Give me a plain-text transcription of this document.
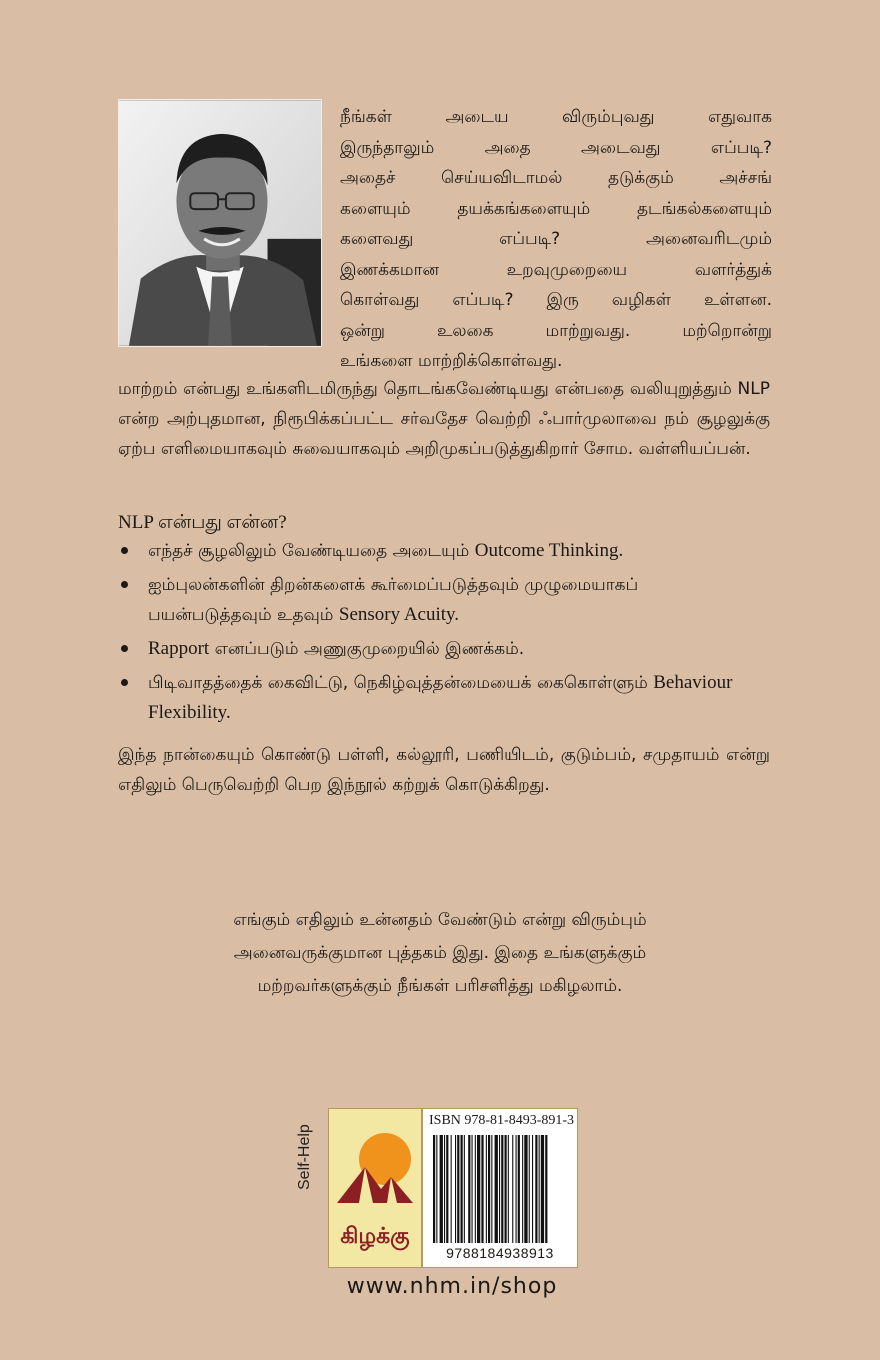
நீங்கள் அடைய விரும்புவது எதுவாக
இருந்தாலும் அதை அடைவது எப்படி?
அதைச் செய்யவிடாமல் தடுக்கும் அச்சங்
களையும் தயக்கங்களையும் தடங்கல்களையும்
களைவது எப்படி? அனைவரிடமும்
இணக்கமான உறவுமுறையை வளர்த்துக்
கொள்வது எப்படி? இரு வழிகள் உள்ளன.
ஒன்று உலகை மாற்றுவது. மற்றொன்று
உங்களை மாற்றிக்கொள்வது.
மாற்றம் என்பது உங்களிடமிருந்து தொடங்கவேண்டியது என்பதை வலியுறுத்தும் NLP என்ற அற்புதமான, நிரூபிக்கப்பட்ட சர்வதேச வெற்றி ஃபார்முலாவை நம் சூழலுக்கு ஏற்ப எளிமையாகவும் சுவையாகவும் அறிமுகப்படுத்துகிறார் சோம. வள்ளியப்பன்.
NLP என்பது என்ன?
எந்தச் சூழலிலும் வேண்டியதை அடையும் Outcome Thinking.
ஐம்புலன்களின் திறன்களைக் கூர்மைப்படுத்தவும் முழுமையாகப் பயன்படுத்தவும் உதவும் Sensory Acuity.
Rapport எனப்படும் அணுகுமுறையில் இணக்கம்.
பிடிவாதத்தைக் கைவிட்டு, நெகிழ்வுத்தன்மையைக் கைகொள்ளும் Behaviour Flexibility.
இந்த நான்கையும் கொண்டு பள்ளி, கல்லூரி, பணியிடம், குடும்பம், சமுதாயம் என்று எதிலும் பெருவெற்றி பெற இந்நூல் கற்றுக் கொடுக்கிறது.
எங்கும் எதிலும் உன்னதம் வேண்டும் என்று விரும்பும்
அனைவருக்குமான புத்தகம் இது. இதை உங்களுக்கும்
மற்றவர்களுக்கும் நீங்கள் பரிசளித்து மகிழலாம்.
Self-Help
கிழக்கு
ISBN 978-81-8493-891-3
9788184938913
www.nhm.in/shop
